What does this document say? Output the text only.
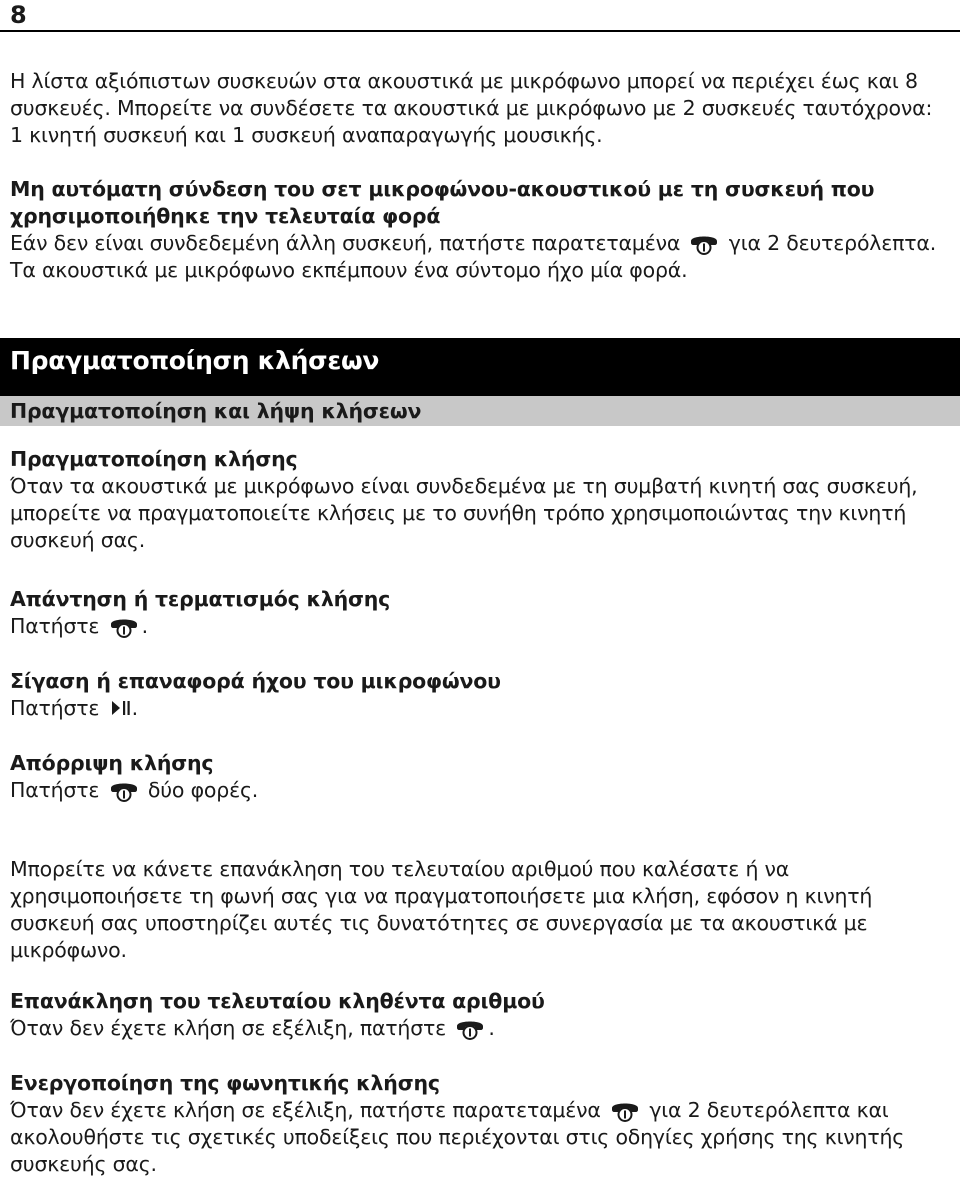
8

Η λίστα αξιόπιστων συσκευών στα ακουστικά με μικρόφωνο μπορεί να περιέχει έως και 8 συσκευές. Μπορείτε να συνδέσετε τα ακουστικά με μικρόφωνο με 2 συσκευές ταυτόχρονα: 1 κινητή συσκευή και 1 συσκευή αναπαραγωγής μουσικής.

Μη αυτόματη σύνδεση του σετ μικροφώνου-ακουστικού με τη συσκευή που χρησιμοποιήθηκε την τελευταία φορά

Εάν δεν είναι συνδεδεμένη άλλη συσκευή, πατήστε παρατεταμένα
για 2 δευτερόλεπτα. Τα ακουστικά με μικρόφωνο εκπέμπουν ένα σύντομο ήχο μία φορά.

Πραγματοποίηση κλήσεων
Πραγματοποίηση και λήψη κλήσεων

Πραγματοποίηση κλήσης

Όταν τα ακουστικά με μικρόφωνο είναι συνδεδεμένα με τη συμβατή κινητή σας συσκευή, μπορείτε να πραγματοποιείτε κλήσεις με το συνήθη τρόπο χρησιμοποιώντας την κινητή συσκευή σας.

Απάντηση ή τερματισμός κλήσης

Πατήστε
.

Σίγαση ή επαναφορά ήχου του μικροφώνου

Πατήστε
.

Απόρριψη κλήσης

Πατήστε
δύο φορές.

Μπορείτε να κάνετε επανάκληση του τελευταίου αριθμού που καλέσατε ή να χρησιμοποιήσετε τη φωνή σας για να πραγματοποιήσετε μια κλήση, εφόσον η κινητή συσκευή σας υποστηρίζει αυτές τις δυνατότητες σε συνεργασία με τα ακουστικά με μικρόφωνο.

Επανάκληση του τελευταίου κληθέντα αριθμού

Όταν δεν έχετε κλήση σε εξέλιξη, πατήστε
.

Ενεργοποίηση της φωνητικής κλήσης

Όταν δεν έχετε κλήση σε εξέλιξη, πατήστε παρατεταμένα
για 2 δευτερόλεπτα και ακολουθήστε τις σχετικές υποδείξεις που περιέχονται στις οδηγίες χρήσης της κινητής συσκευής σας.
